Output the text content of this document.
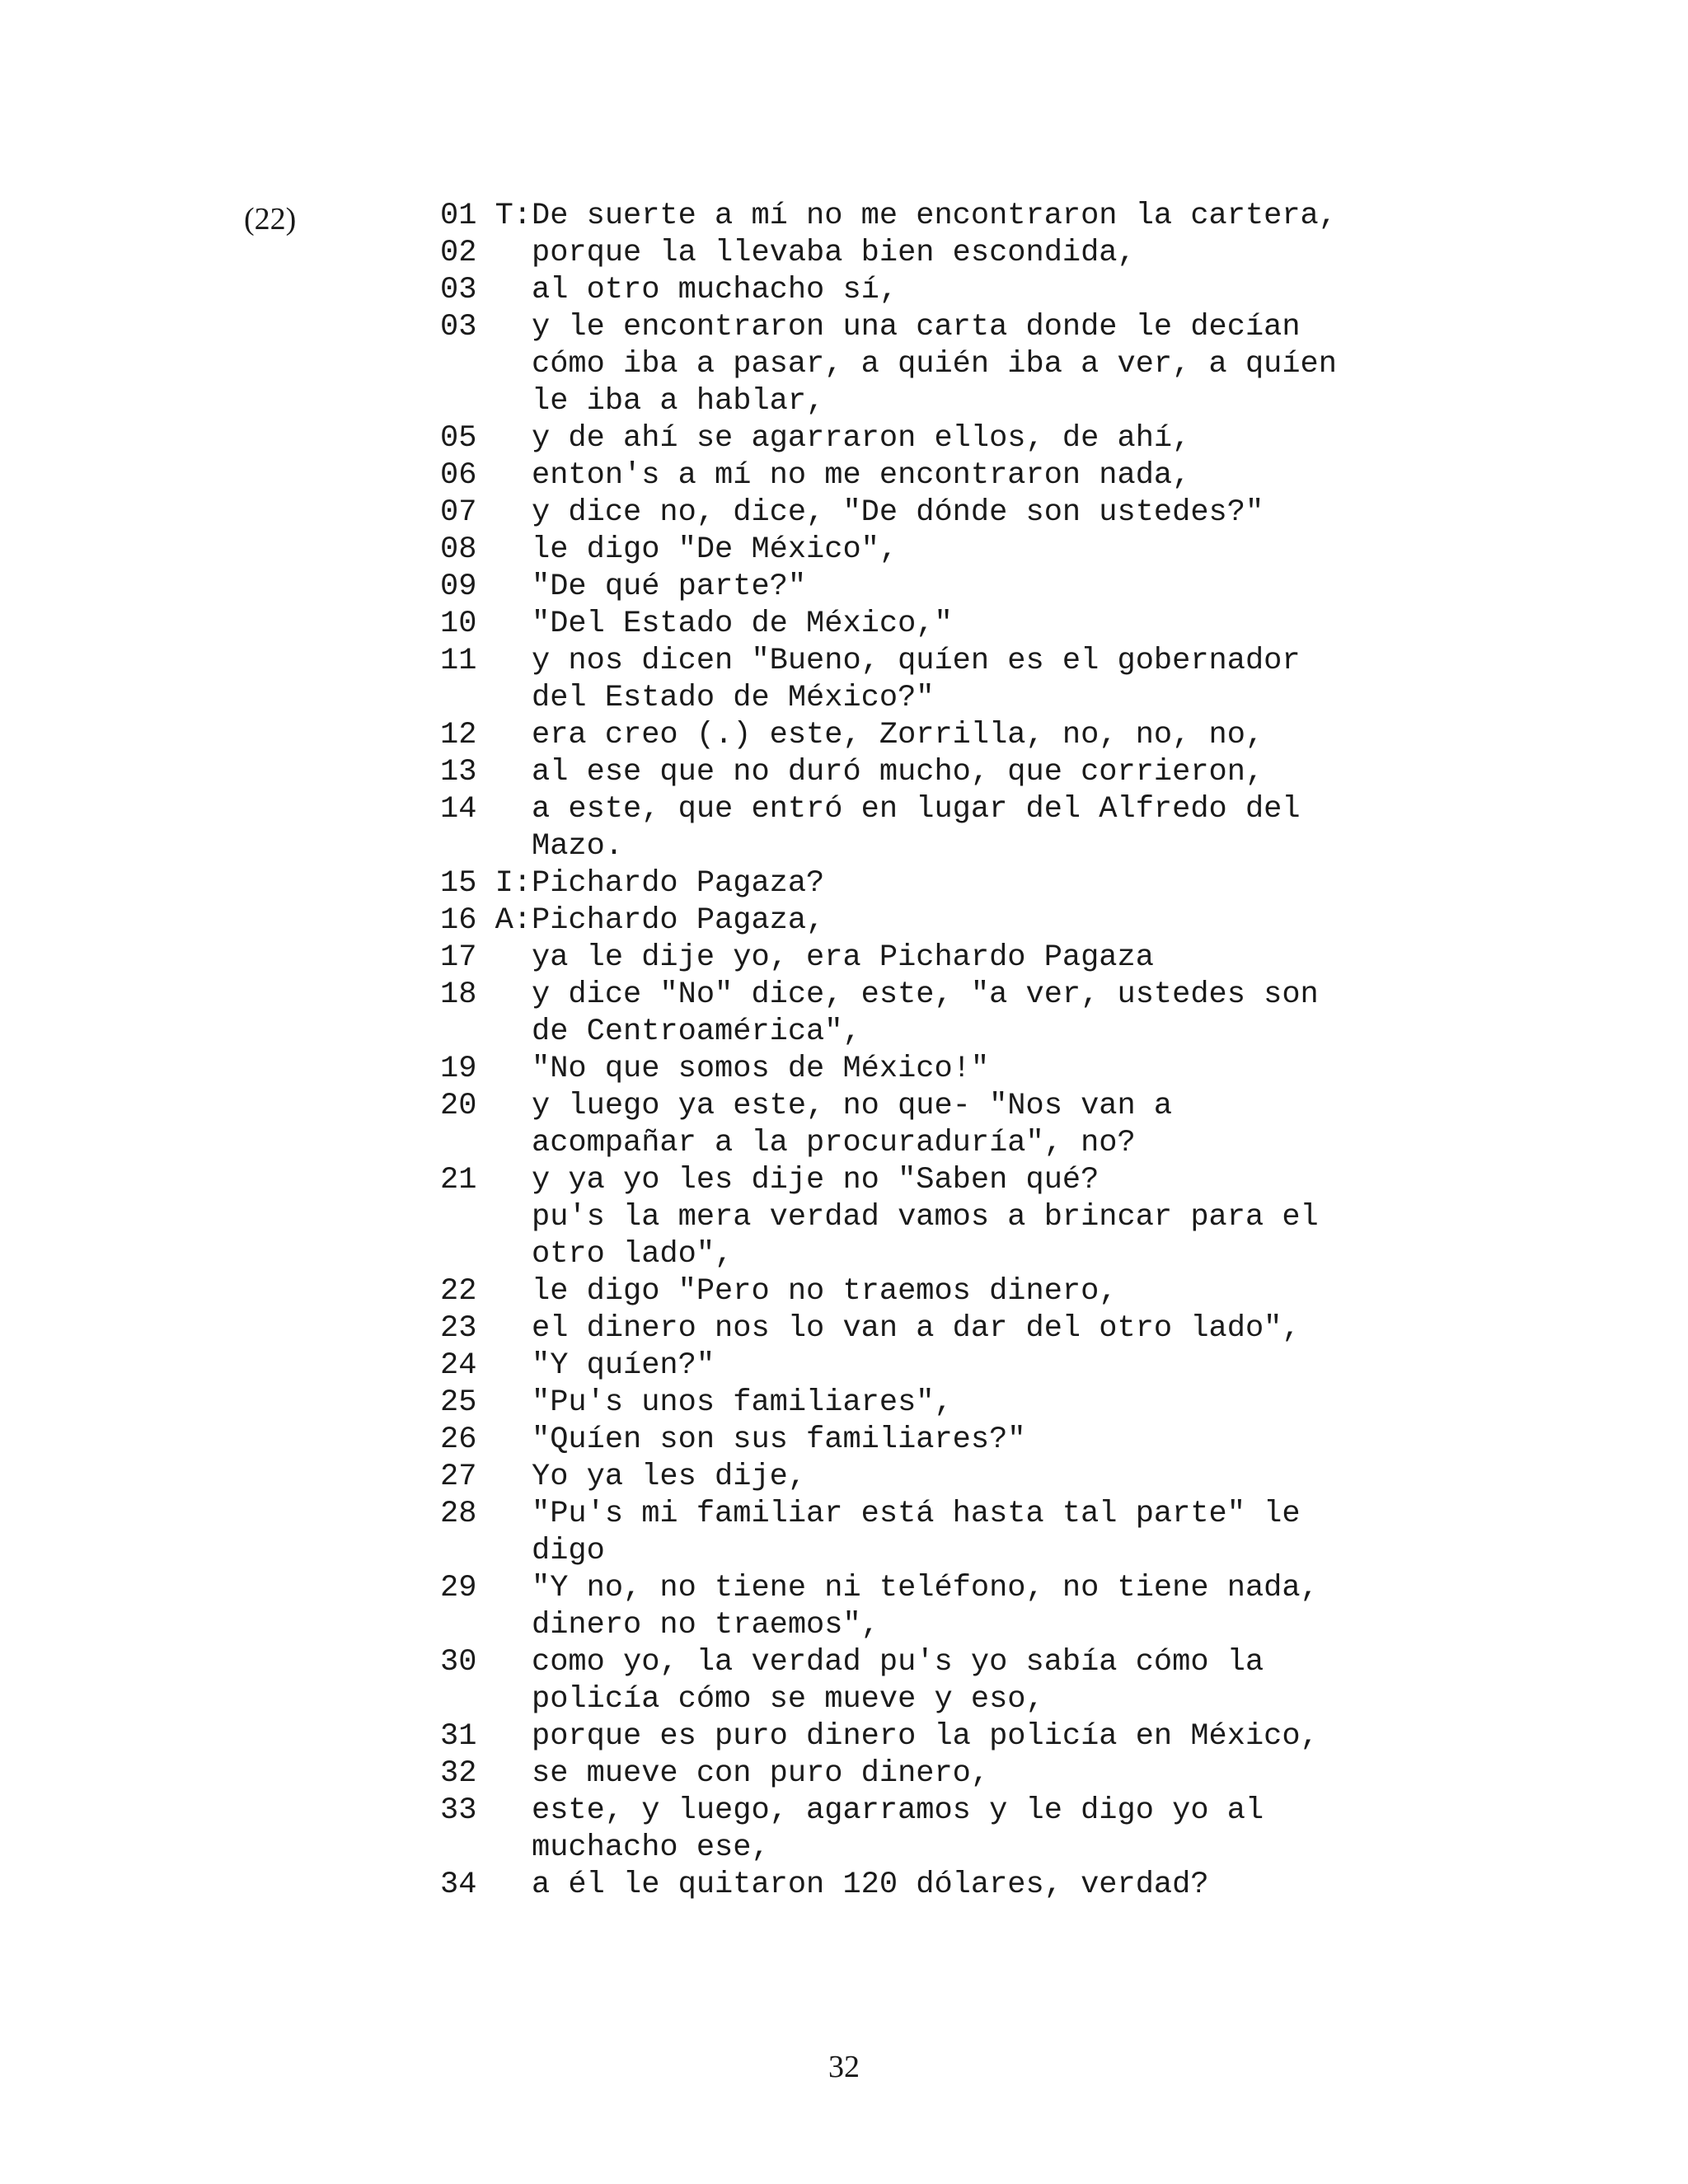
(22)	01 T: De suerte a mí no me encontraron la cartera,
02 porque la llevaba bien escondida,
03 al otro muchacho sí,
03 y le encontraron una carta donde le decían
cómo iba a pasar, a quién iba a ver, a quíen
le iba a hablar,
05 y de ahí se agarraron ellos, de ahí,
06 enton's a mí no me encontraron nada,
07 y dice no, dice, "De dónde son ustedes?"
08 le digo "De México",
09 "De qué parte?"
10 "Del Estado de México,"
11 y nos dicen "Bueno, quíen es el gobernador
del Estado de México?"
12 era creo (.) este, Zorrilla, no, no, no,
13 al ese que no duró mucho, que corrieron,
14 a este, que entró en lugar del Alfredo del
Mazo.
15 I: Pichardo Pagaza?
16 A: Pichardo Pagaza,
17 ya le dije yo, era Pichardo Pagaza
18 y dice "No" dice, este, "a ver, ustedes son
de Centroamérica",
19 "No que somos de México!"
20 y luego ya este, no que- "Nos van a
acompañar a la procuraduría", no?
21 y ya yo les dije no "Saben qué?
pu's la mera verdad vamos a brincar para el
otro lado",
22 le digo "Pero no traemos dinero,
23 el dinero nos lo van a dar del otro lado",
24 "Y quíen?"
25 "Pu's unos familiares",
26 "Quíen son sus familiares?"
27 Yo ya les dije,
28 "Pu's mi familiar está hasta tal parte" le
digo
29 "Y no, no tiene ni teléfono, no tiene nada,
dinero no traemos",
30 como yo, la verdad pu's yo sabía cómo la
policía cómo se mueve y eso,
31 porque es puro dinero la policía en México,
32 se mueve con puro dinero,
33 este, y luego, agarramos y le digo yo al
muchacho ese,
34 a él le quitaron 120 dólares, verdad?
32
